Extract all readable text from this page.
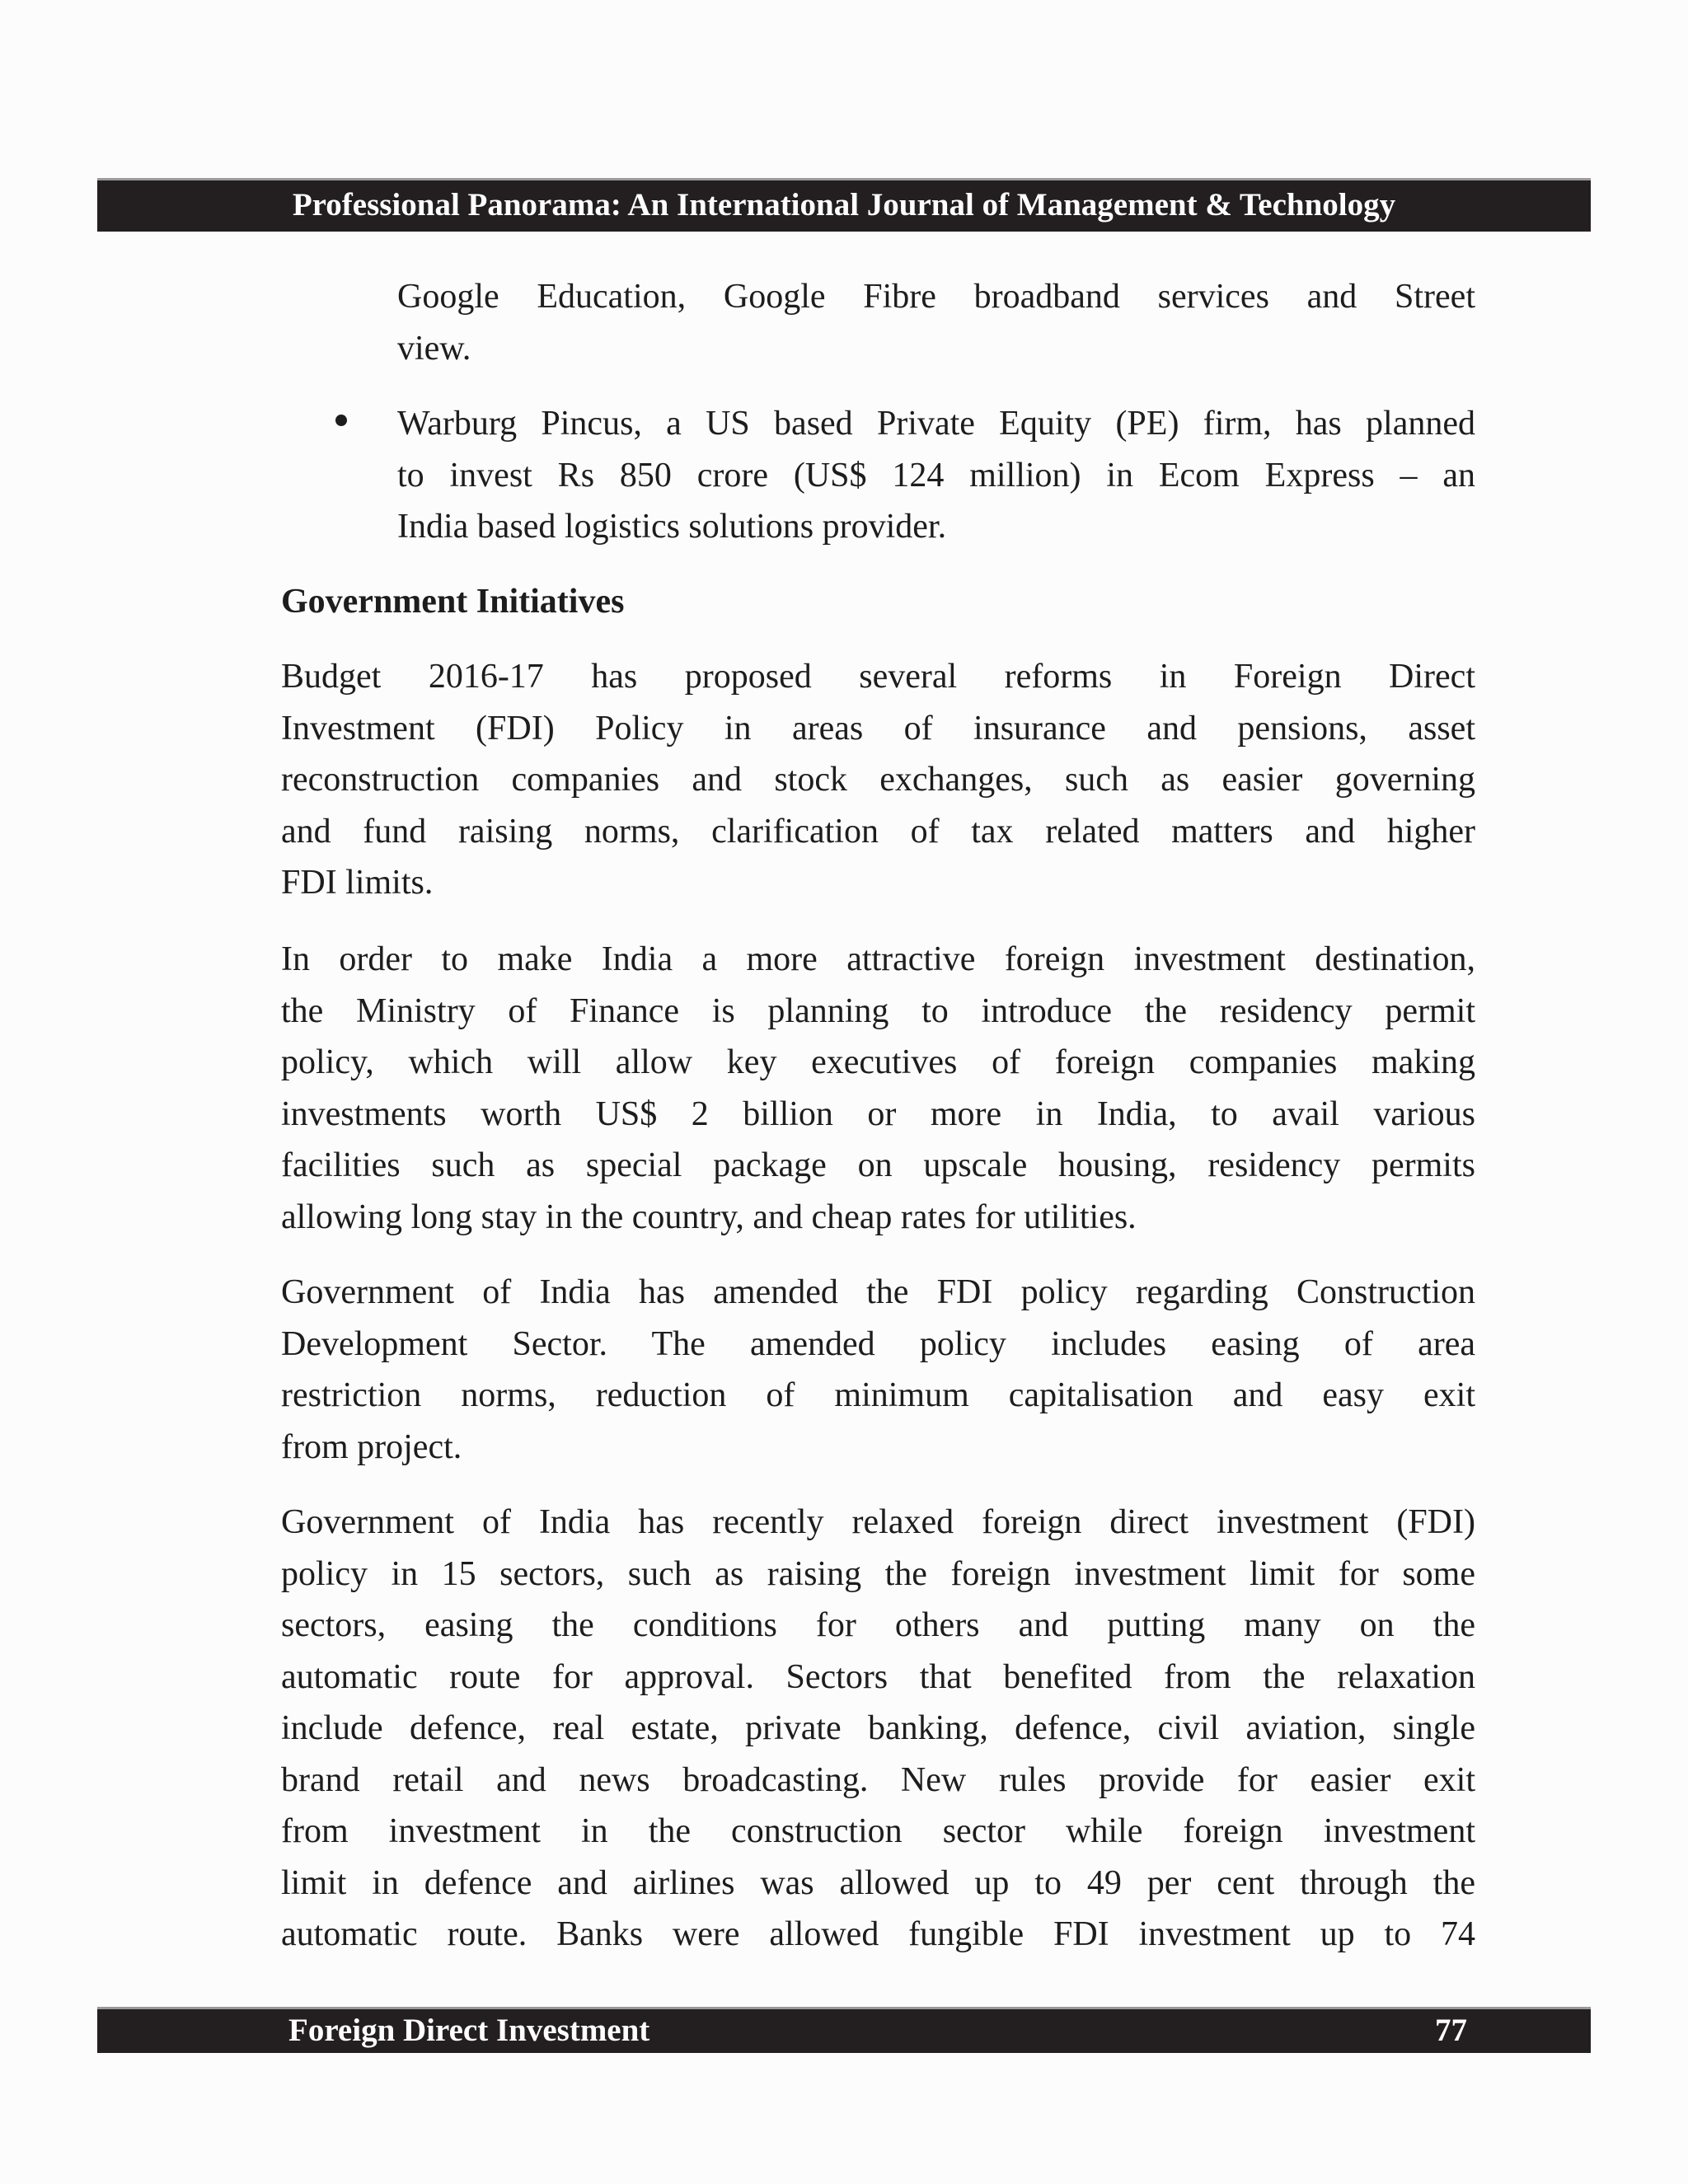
Professional Panorama: An International Journal of Management & Technology
Google Education, Google Fibre broadband services and Street
view.
Warburg Pincus, a US based Private Equity (PE) firm, has planned
to invest Rs 850 crore (US$ 124 million) in Ecom Express – an
India based logistics solutions provider.
Government Initiatives
Budget 2016-17 has proposed several reforms in Foreign Direct
Investment (FDI) Policy in areas of insurance and pensions, asset
reconstruction companies and stock exchanges, such as easier governing
and fund raising norms, clarification of tax related matters and higher
FDI limits.
In order to make India a more attractive foreign investment destination,
the Ministry of Finance is planning to introduce the residency permit
policy, which will allow key executives of foreign companies making
investments worth US$ 2 billion or more in India, to avail various
facilities such as special package on upscale housing, residency permits
allowing long stay in the country, and cheap rates for utilities.
Government of India has amended the FDI policy regarding Construction
Development Sector. The amended policy includes easing of area
restriction norms, reduction of minimum capitalisation and easy exit
from project.
Government of India has recently relaxed foreign direct investment (FDI)
policy in 15 sectors, such as raising the foreign investment limit for some
sectors, easing the conditions for others and putting many on the
automatic route for approval. Sectors that benefited from the relaxation
include defence, real estate, private banking, defence, civil aviation, single
brand retail and news broadcasting. New rules provide for easier exit
from investment in the construction sector while foreign investment
limit in defence and airlines was allowed up to 49 per cent through the
automatic route. Banks were allowed fungible FDI investment up to 74
Foreign Direct Investment	77
